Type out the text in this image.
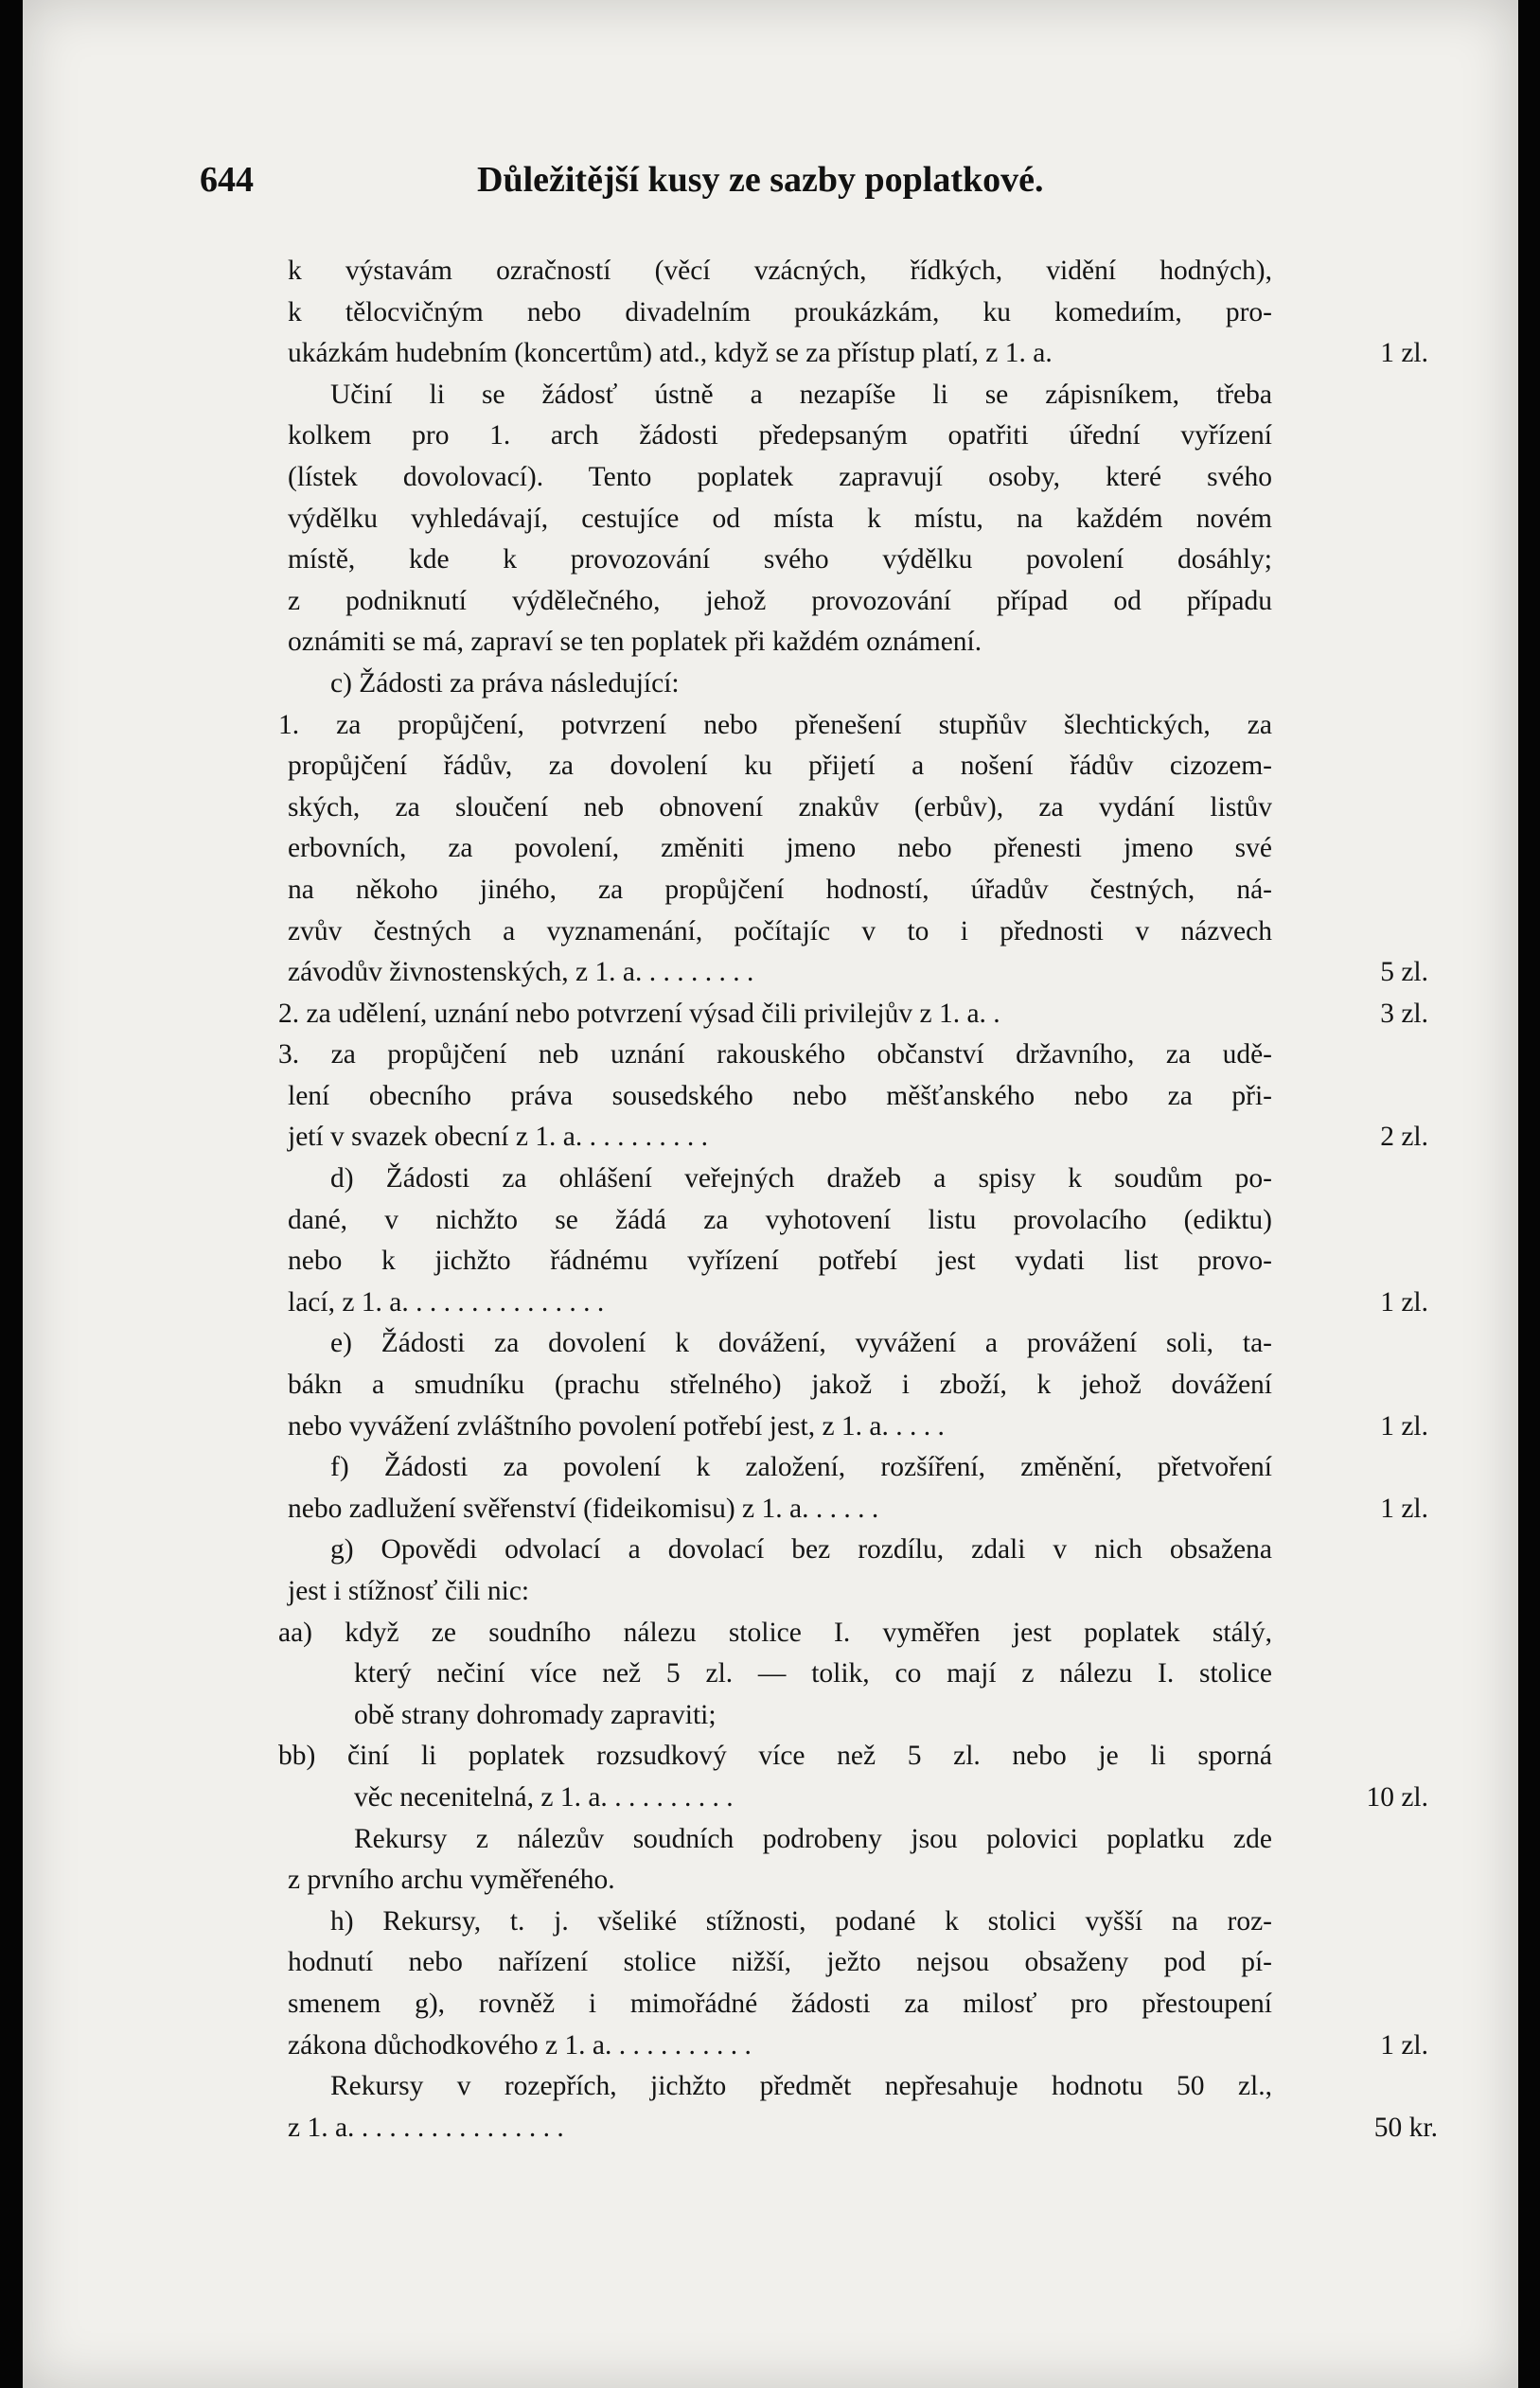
644	Důležitější kusy ze sazby poplatkové.
k výstavám ozračností (věcí vzácných, řídkých, vidění hodných),
k tělocvičným nebo divadelním proukázkám, ku komedиím, pro-
ukázkám hudebním (koncertům) atd., když se za přístup platí, z 1. a.	1 zl.
Učiní li se žádosť ústně a nezapíše li se zápisníkem, třeba
kolkem pro 1. arch žádosti předepsaným opatřiti úřední vyřízení
(lístek dovolovací). Tento poplatek zapravují osoby, které svého
výdělku vyhledávají, cestujíce od místa k místu, na každém novém
místě, kde k provozování svého výdělku povolení dosáhly;
z podniknutí výdělečného, jehož provozování případ od případu
oznámiti se má, zapraví se ten poplatek při každém oznámení.
c) Žádosti za práva následující:
1. za propůjčení, potvrzení nebo přenešení stupňův šlechtických, za
propůjčení řádův, za dovolení ku přijetí a nošení řádův cizozem-
ských, za sloučení neb obnovení znakův (erbův), za vydání listův
erbovních, za povolení, změniti jmeno nebo přenesti jmeno své
na někoho jiného, za propůjčení hodností, úřadův čestných, ná-
zvův čestných a vyznamenání, počítajíc v to i přednosti v názvech
závodův živnostenských, z 1. a. . . . . . . . .	5 zl.
2. za udělení, uznání nebo potvrzení výsad čili privilejův z 1. a. .	3 zl.
3. za propůjčení neb uznání rakouského občanství državního, za udě-
lení obecního práva sousedského nebo měšťanského nebo za při-
jetí v svazek obecní z 1. a. . . . . . . . . .	2 zl.
d) Žádosti za ohlášení veřejných dražeb a spisy k soudům po-
dané, v nichžto se žádá za vyhotovení listu provolacího (ediktu)
nebo k jichžto řádnému vyřízení potřebí jest vydati list provo-
lací, z 1. a. . . . . . . . . . . . . . .	1 zl.
e) Žádosti za dovolení k dovážení, vyvážení a provážení soli, ta-
bákn a smudníku (prachu střelného) jakož i zboží, k jehož dovážení
nebo vyvážení zvláštního povolení potřebí jest, z 1. a. . . . .	1 zl.
f) Žádosti za povolení k založení, rozšíření, změnění, přetvoření
nebo zadlužení svěřenství (fideikomisu) z 1. a. . . . . .	1 zl.
g) Opovědi odvolací a dovolací bez rozdílu, zdali v nich obsažena
jest i stížnosť čili nic:
aa) když ze soudního nálezu stolice I. vyměřen jest poplatek stálý,
který nečiní více než 5 zl. — tolik, co mají z nálezu I. stolice
obě strany dohromady zapraviti;
bb) činí li poplatek rozsudkový více než 5 zl. nebo je li sporná
věc necenitelná, z 1. a. . . . . . . . . .	10 zl.
Rekursy z nálezův soudních podrobeny jsou polovici poplatku zde
z prvního archu vyměřeného.
h) Rekursy, t. j. všeliké stížnosti, podané k stolici vyšší na roz-
hodnutí nebo nařízení stolice nižší, ježto nejsou obsaženy pod pí-
smenem g), rovněž i mimořádné žádosti za milosť pro přestoupení
zákona důchodkového z 1. a. . . . . . . . . . .	1 zl.
Rekursy v rozepřích, jichžto předmět nepřesahuje hodnotu 50 zl.,
z 1. a. . . . . . . . . . . . . . . .	50 kr.
